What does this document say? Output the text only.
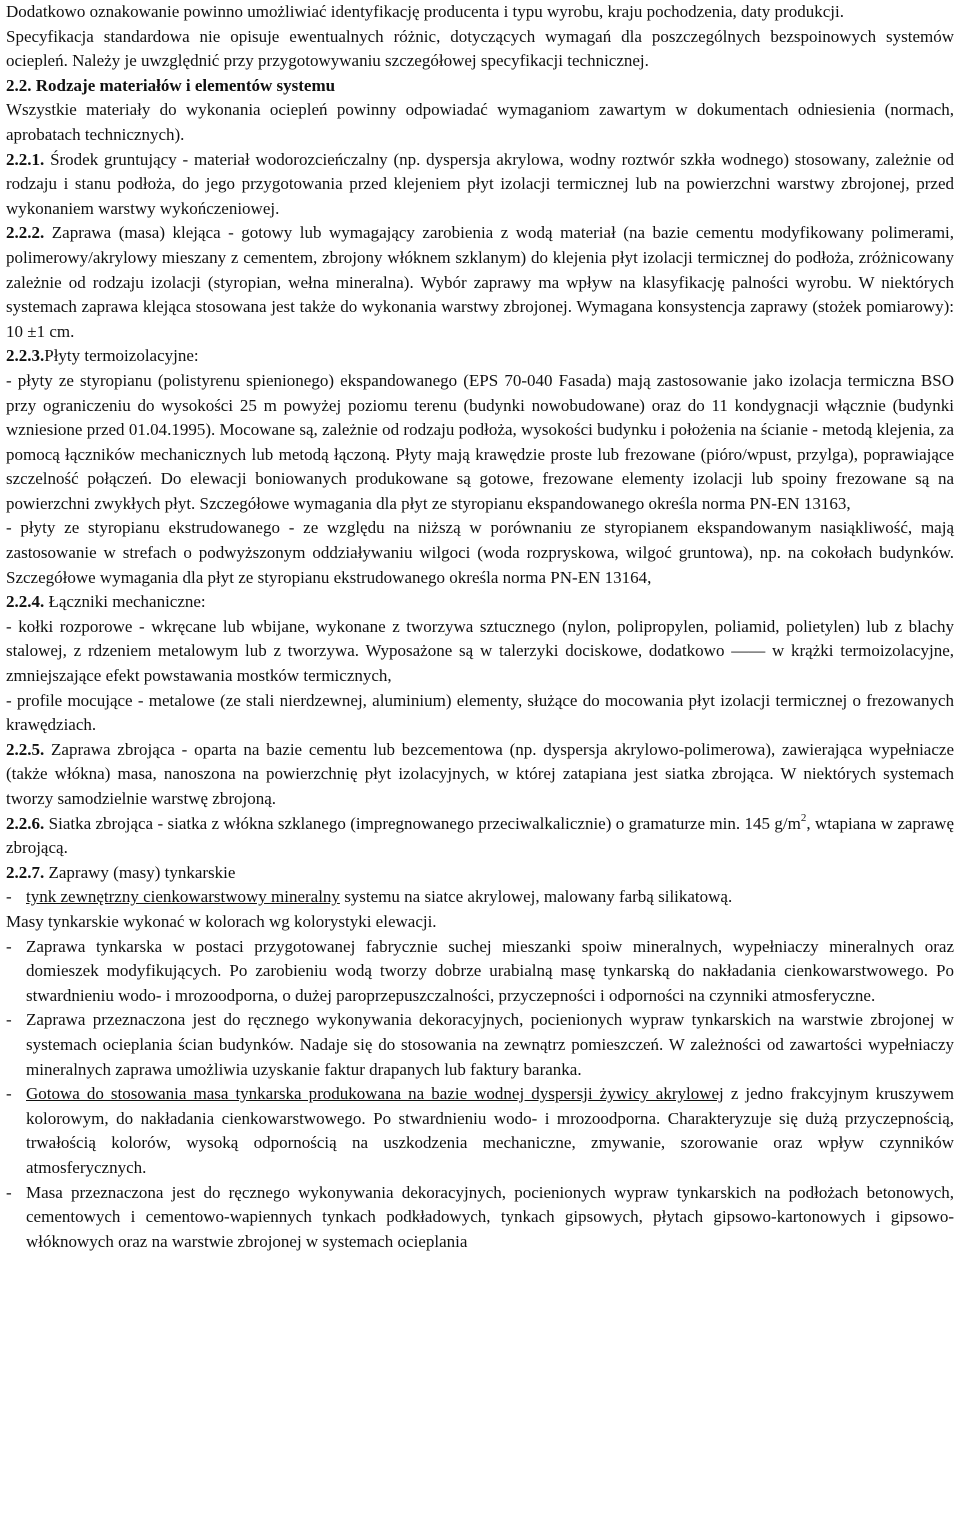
Dodatkowo oznakowanie powinno umożliwiać identyfikację producenta i typu wyrobu, kraju pochodzenia, daty produkcji.

Specyfikacja standardowa nie opisuje ewentualnych różnic, dotyczących wymagań dla poszczególnych bezspoinowych systemów ociepleń. Należy je uwzględnić przy przygotowywaniu szczegółowej specyfikacji technicznej.

2.2. Rodzaje materiałów i elementów systemu

Wszystkie materiały do wykonania ociepleń powinny odpowiadać wymaganiom zawartym w dokumentach odniesienia (normach, aprobatach technicznych).

2.2.1. Środek gruntujący - materiał wodorozcieńczalny (np. dyspersja akrylowa, wodny roztwór szkła wodnego) stosowany, zależnie od rodzaju i stanu podłoża, do jego przygotowania przed klejeniem płyt izolacji termicznej lub na powierzchni warstwy zbrojonej, przed wykonaniem warstwy wykończeniowej.

2.2.2. Zaprawa (masa) klejąca - gotowy lub wymagający zarobienia z wodą materiał (na bazie cementu modyfikowany polimerami, polimerowy/akrylowy mieszany z cementem, zbrojony włóknem szklanym) do klejenia płyt izolacji termicznej do podłoża, zróżnicowany zależnie od rodzaju izolacji (styropian, wełna mineralna). Wybór zaprawy ma wpływ na klasyfikację palności wyrobu. W niektórych systemach zaprawa klejąca stosowana jest także do wykonania warstwy zbrojonej. Wymagana konsystencja zaprawy (stożek pomiarowy): 10 ±1 cm.

2.2.3.Płyty termoizolacyjne:

- płyty ze styropianu (polistyrenu spienionego) ekspandowanego (EPS 70-040 Fasada) mają zastosowanie jako izolacja termiczna BSO przy ograniczeniu do wysokości 25 m powyżej poziomu terenu (budynki nowobudowane) oraz do 11 kondygnacji włącznie (budynki wzniesione przed 01.04.1995). Mocowane są, zależnie od rodzaju podłoża, wysokości budynku i położenia na ścianie - metodą klejenia, za pomocą łączników mechanicznych lub metodą łączoną. Płyty mają krawędzie proste lub frezowane (pióro/wpust, przylga), poprawiające szczelność połączeń. Do elewacji boniowanych produkowane są gotowe, frezowane elementy izolacji lub spoiny frezowane są na powierzchni zwykłych płyt. Szczegółowe wymagania dla płyt ze styropianu ekspandowanego określa norma PN-EN 13163,

- płyty ze styropianu ekstrudowanego - ze względu na niższą w porównaniu ze styropianem ekspandowanym nasiąkliwość, mają zastosowanie w strefach o podwyższonym oddziaływaniu wilgoci (woda rozpryskowa, wilgoć gruntowa), np. na cokołach budynków. Szczegółowe wymagania dla płyt ze styropianu ekstrudowanego określa norma PN-EN 13164,

2.2.4. Łączniki mechaniczne:

- kołki rozporowe - wkręcane lub wbijane, wykonane z tworzywa sztucznego (nylon, polipropylen, poliamid, polietylen) lub z blachy stalowej, z rdzeniem metalowym lub z tworzywa. Wyposażone są w talerzyki dociskowe, dodatkowo —— w krążki termoizolacyjne, zmniejszające efekt powstawania mostków termicznych,

- profile mocujące - metalowe (ze stali nierdzewnej, aluminium) elementy, służące do mocowania płyt izolacji termicznej o frezowanych krawędziach.

2.2.5. Zaprawa zbrojąca - oparta na bazie cementu lub bezcementowa (np. dyspersja akrylowo-polimerowa), zawierająca wypełniacze (także włókna) masa, nanoszona na powierzchnię płyt izolacyjnych, w której zatapiana jest siatka zbrojąca. W niektórych systemach tworzy samodzielnie warstwę zbrojoną.

2.2.6. Siatka zbrojąca - siatka z włókna szklanego (impregnowanego przeciwalkalicznie) o gramaturze min. 145 $g/m^2$, wtapiana w zaprawę zbrojącą.

2.2.7. Zaprawy (masy) tynkarskie

- tynk zewnętrzny cienkowarstwowy mineralny systemu na siatce akrylowej, malowany farbą silikatową.

Masy tynkarskie wykonać w kolorach wg kolorystyki elewacji.

- Zaprawa tynkarska w postaci przygotowanej fabrycznie suchej mieszanki spoiw mineralnych, wypełniaczy mineralnych oraz domieszek modyfikujących. Po zarobieniu wodą tworzy dobrze urabialną masę tynkarską do nakładania cienkowarstwowego. Po stwardnieniu wodo- i mrozoodporna, o dużej paroprzepuszczalności, przyczepności i odporności na czynniki atmosferyczne.

- Zaprawa przeznaczona jest do ręcznego wykonywania dekoracyjnych, pocienionych wypraw tynkarskich na warstwie zbrojonej w systemach ocieplania ścian budynków. Nadaje się do stosowania na zewnątrz pomieszczeń. W zależności od zawartości wypełniaczy mineralnych zaprawa umożliwia uzyskanie faktur drapanych lub faktury baranka.

- Gotowa do stosowania masa tynkarska produkowana na bazie wodnej dyspersji żywicy akrylowej z jedno frakcyjnym kruszywem kolorowym, do nakładania cienkowarstwowego. Po stwardnieniu wodo- i mrozoodporna. Charakteryzuje się dużą przyczepnością, trwałością kolorów, wysoką odpornością na uszkodzenia mechaniczne, zmywanie, szorowanie oraz wpływ czynników atmosferycznych.

- Masa przeznaczona jest do ręcznego wykonywania dekoracyjnych, pocienionych wypraw tynkarskich na podłożach betonowych, cementowych i cementowo-wapiennych tynkach podkładowych, tynkach gipsowych, płytach gipsowo-kartonowych i gipsowo- włóknowych oraz na warstwie zbrojonej w systemach ocieplania
